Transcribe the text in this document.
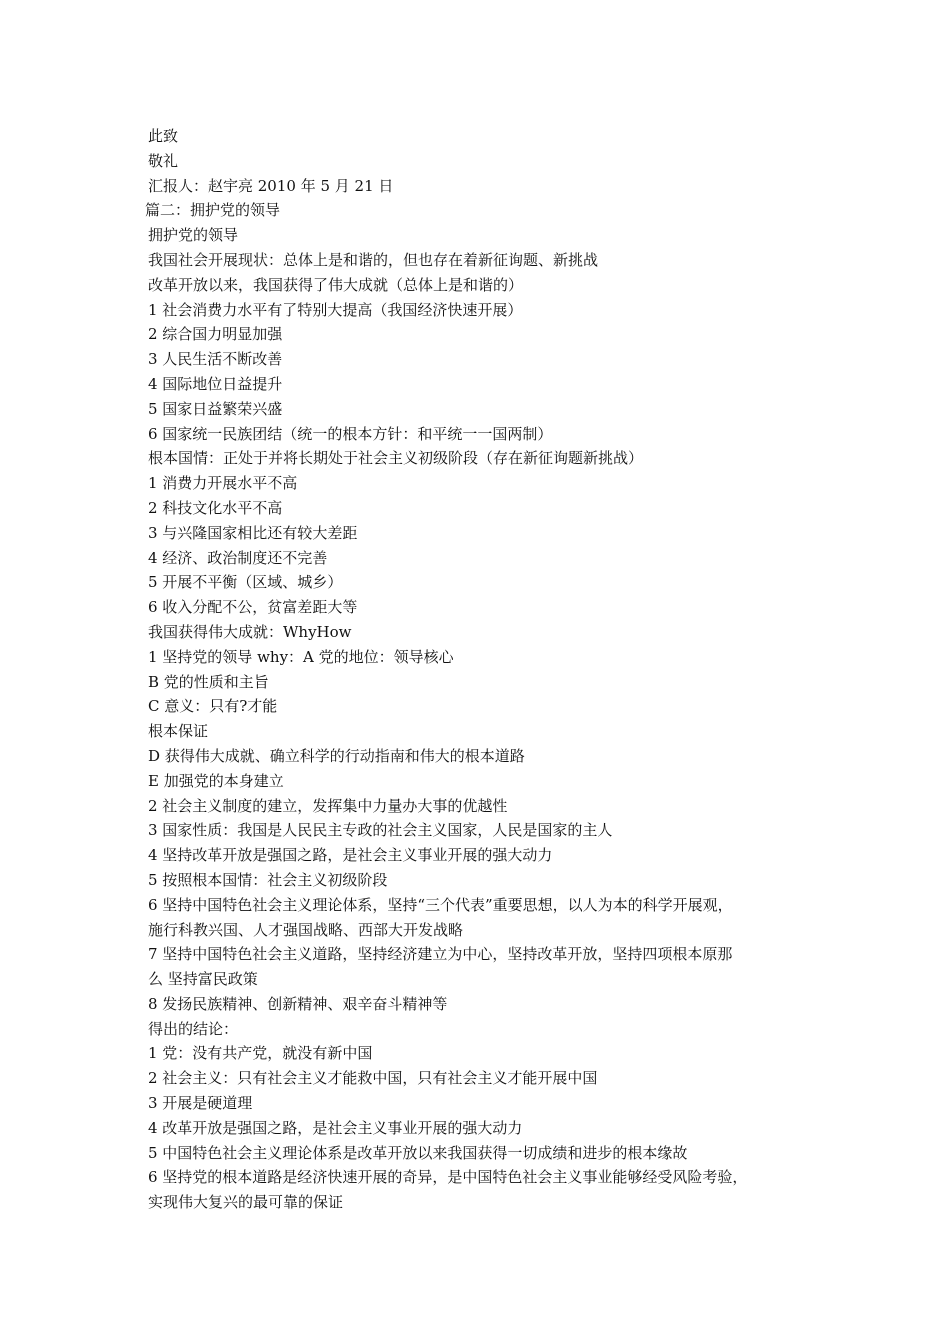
此致
敬礼
汇报人：赵宇亮 2010 年 5 月 21 日
篇二：拥护党的领导
拥护党的领导
我国社会开展现状：总体上是和谐的，但也存在着新征询题、新挑战
改革开放以来，我国获得了伟大成就（总体上是和谐的）
1 社会消费力水平有了特别大提高（我国经济快速开展）
2 综合国力明显加强
3 人民生活不断改善
4 国际地位日益提升
5 国家日益繁荣兴盛
6 国家统一民族团结（统一的根本方针：和平统一一国两制）
根本国情：正处于并将长期处于社会主义初级阶段（存在新征询题新挑战）
1 消费力开展水平不高
2 科技文化水平不高
3 与兴隆国家相比还有较大差距
4 经济、政治制度还不完善
5 开展不平衡（区域、城乡）
6 收入分配不公，贫富差距大等
我国获得伟大成就：WhyHow
1 坚持党的领导 why：A 党的地位：领导核心
B 党的性质和主旨
C 意义：只有?才能
根本保证
D 获得伟大成就、确立科学的行动指南和伟大的根本道路
E 加强党的本身建立
2 社会主义制度的建立，发挥集中力量办大事的优越性
3 国家性质：我国是人民民主专政的社会主义国家，人民是国家的主人
4 坚持改革开放是强国之路，是社会主义事业开展的强大动力
5 按照根本国情：社会主义初级阶段
6 坚持中国特色社会主义理论体系，坚持“三个代表”重要思想，以人为本的科学开展观，
施行科教兴国、人才强国战略、西部大开发战略
7 坚持中国特色社会主义道路，坚持经济建立为中心，坚持改革开放，坚持四项根本原那
么 坚持富民政策
8 发扬民族精神、创新精神、艰辛奋斗精神等
得出的结论：
1 党：没有共产党，就没有新中国
2 社会主义：只有社会主义才能救中国，只有社会主义才能开展中国
3 开展是硬道理
4 改革开放是强国之路，是社会主义事业开展的强大动力
5 中国特色社会主义理论体系是改革开放以来我国获得一切成绩和进步的根本缘故
6 坚持党的根本道路是经济快速开展的奇异，是中国特色社会主义事业能够经受风险考验，
实现伟大复兴的最可靠的保证
